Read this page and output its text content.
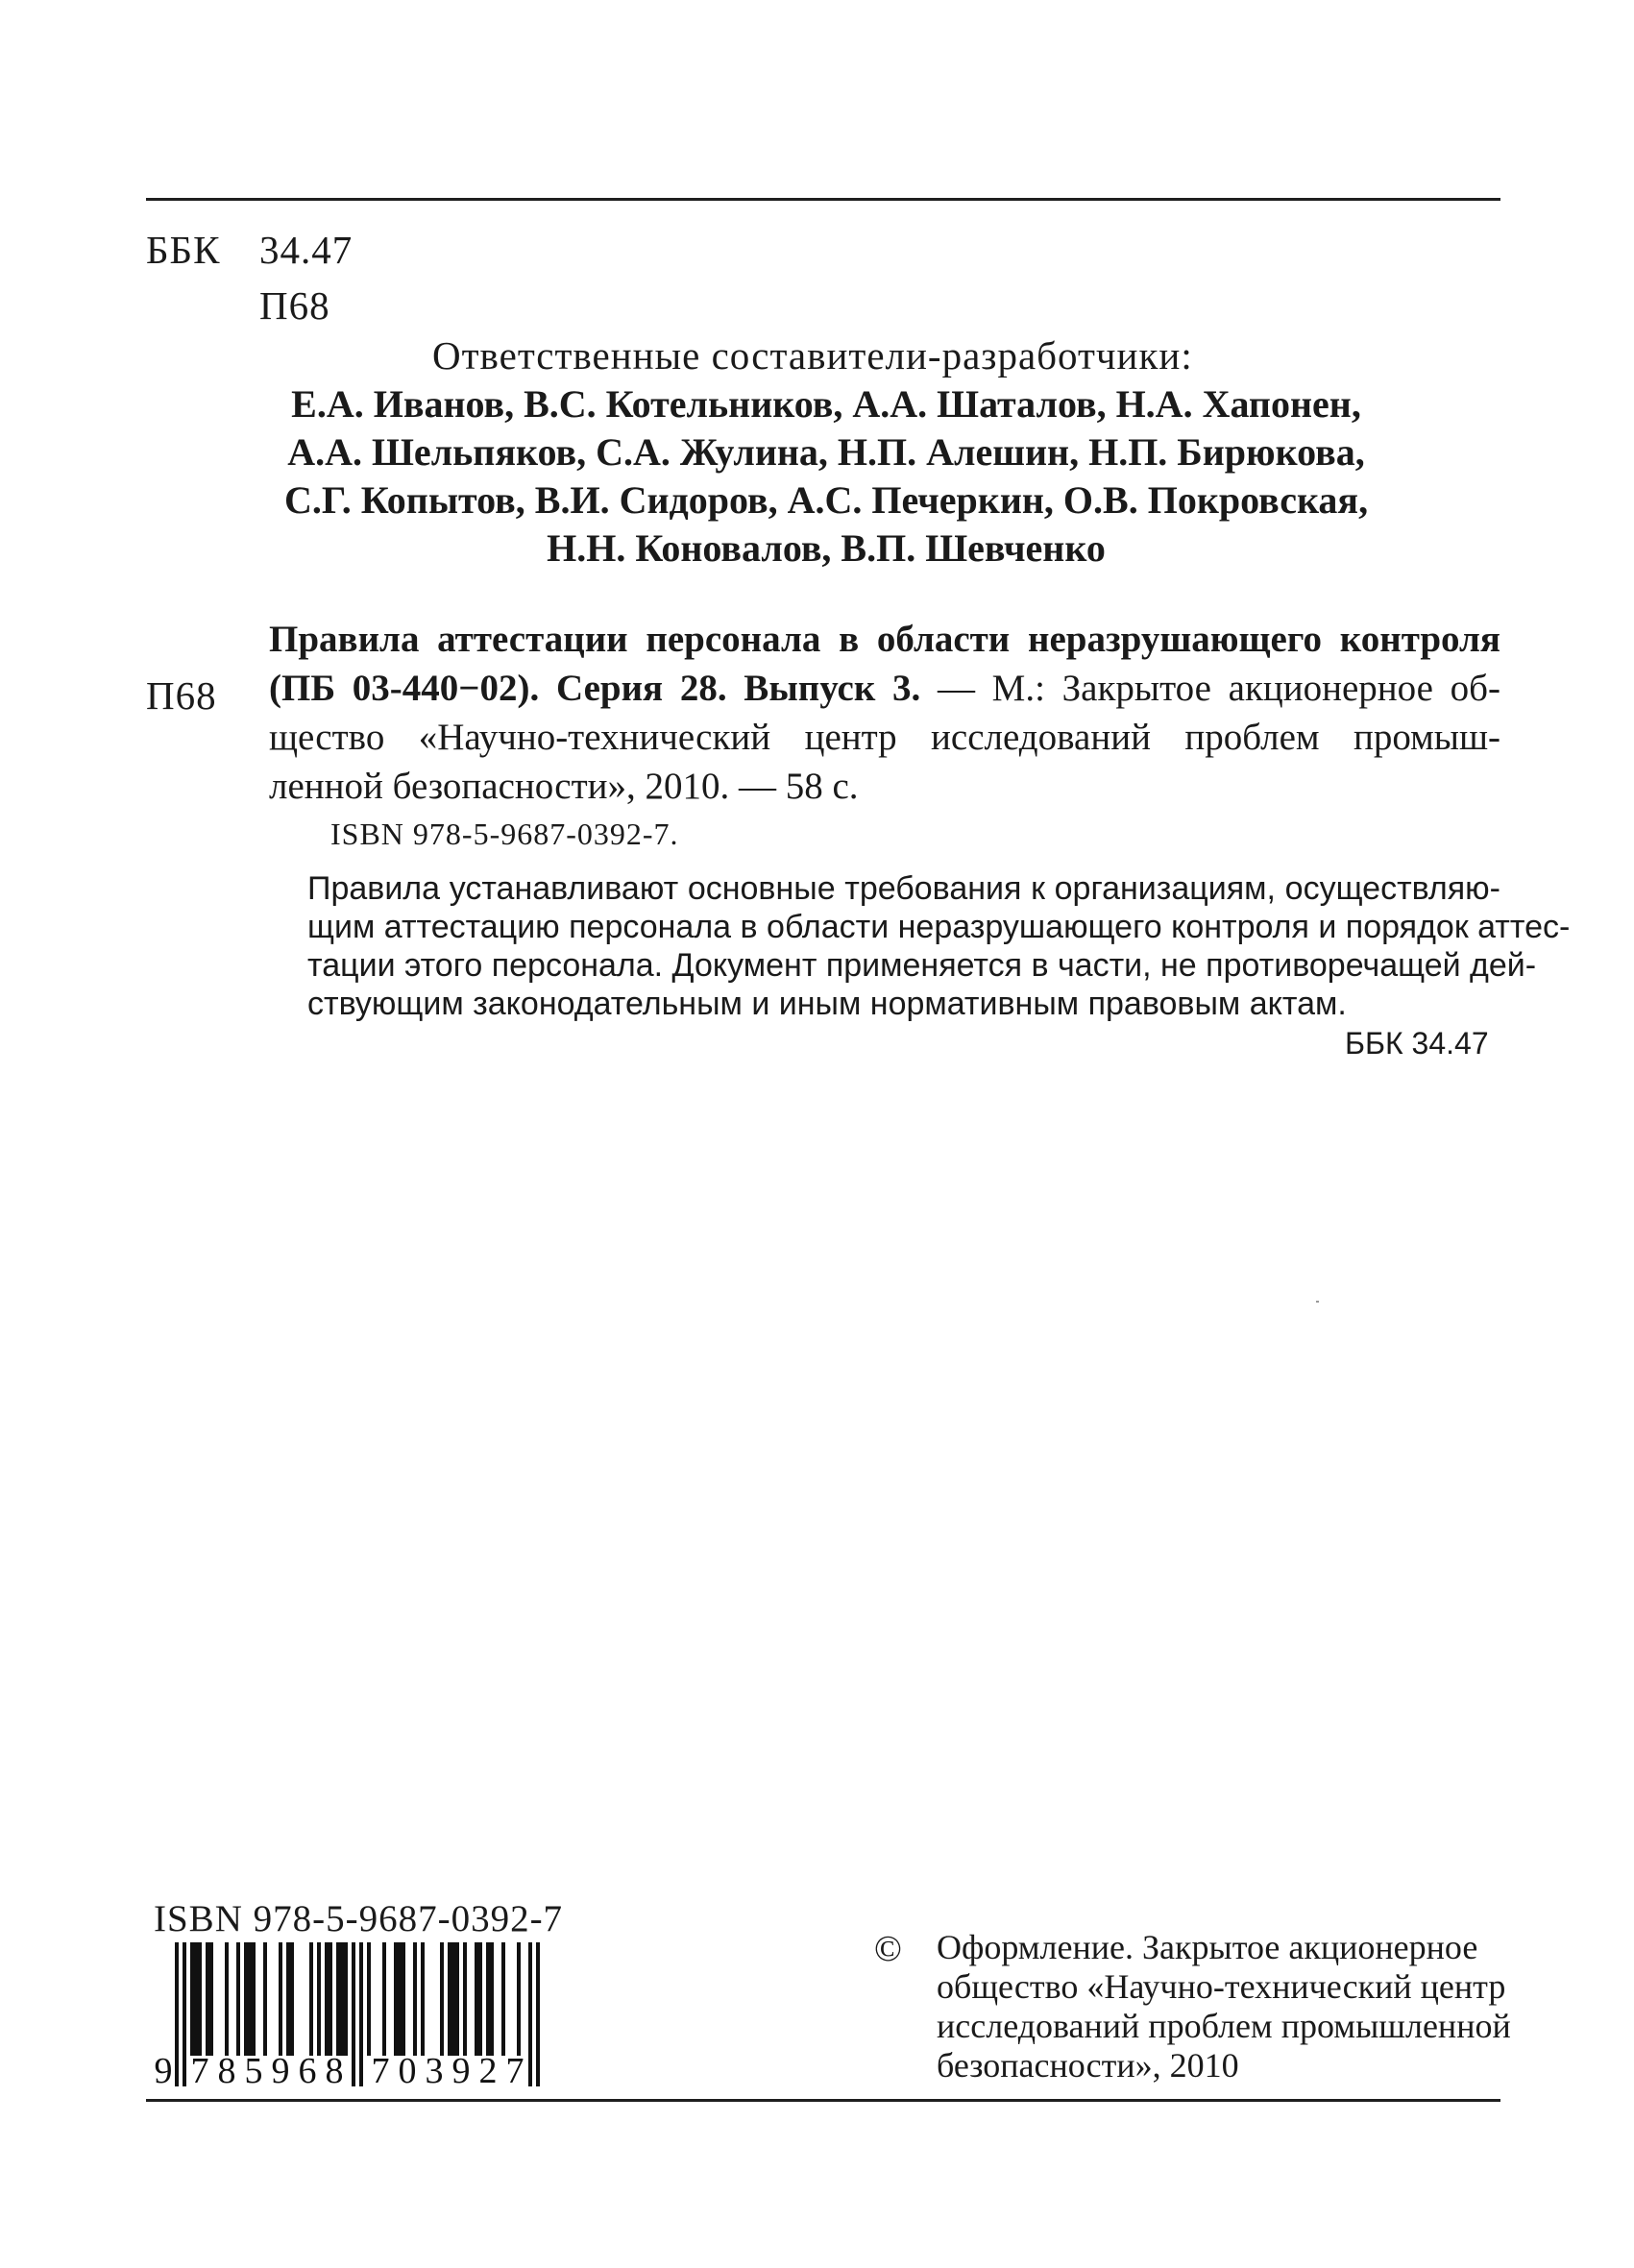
ББК 34.47
П68
Ответственные составители-разработчики:
Е.А. Иванов, В.С. Котельников, А.А. Шаталов, Н.А. Хапонен,
А.А. Шельпяков, С.А. Жулина, Н.П. Алешин, Н.П. Бирюкова,
С.Г. Копытов, В.И. Сидоров, А.С. Печеркин, О.В. Покровская,
Н.Н. Коновалов, В.П. Шевченко
П68
Правила аттестации персонала в области неразрушающего контроля
(ПБ 03-440−02). Серия 28. Выпуск 3. — М.: Закрытое акционерное об-
щество «Научно-технический центр исследований проблем промыш-
ленной безопасности», 2010. — 58 с.
ISBN 978-5-9687-0392-7.
Правила устанавливают основные требования к организациям, осуществляю-
щим аттестацию персонала в области неразрушающего контроля и порядок аттес-
тации этого персонала. Документ применяется в части, не противоречащей дей-
ствующим законодательным и иным нормативным правовым актам.
ББК 34.47
ISBN 978-5-9687-0392-7
9 7 8 5 9 6 8 7 0 3 9 2 7
© Оформление. Закрытое акционерное
общество «Научно-технический центр
исследований проблем промышленной
безопасности», 2010
